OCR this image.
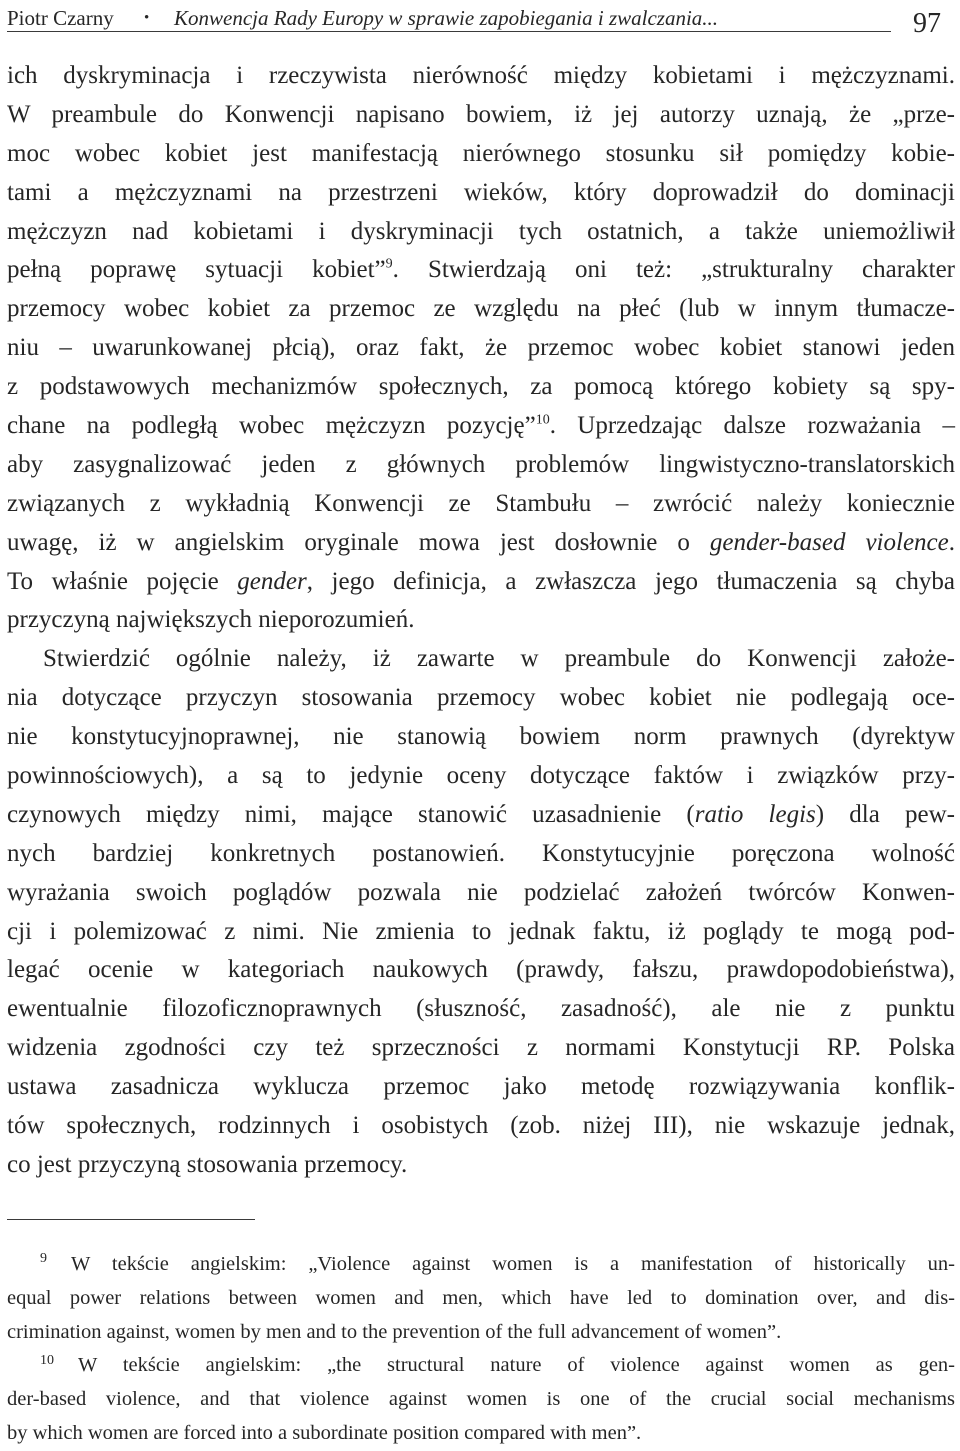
Piotr Czarny • Konwencja Rady Europy w sprawie zapobiegania i zwalczania...	97
ich dyskryminacja i rzeczywista nierówność między kobietami i mężczyznami.
W preambule do Konwencji napisano bowiem, iż jej autorzy uznają, że „prze-
moc wobec kobiet jest manifestacją nierównego stosunku sił pomiędzy kobie-
tami a mężczyznami na przestrzeni wieków, który doprowadził do dominacji
mężczyzn nad kobietami i dyskryminacji tych ostatnich, a także uniemożliwił
pełną poprawę sytuacji kobiet”$^9$. Stwierdzają oni też: „strukturalny charakter
przemocy wobec kobiet za przemoc ze względu na płeć (lub w innym tłumacze-
niu – uwarunkowanej płcią), oraz fakt, że przemoc wobec kobiet stanowi jeden
z podstawowych mechanizmów społecznych, za pomocą którego kobiety są spy-
chane na podległą wobec mężczyzn pozycję”$^{10}$. Uprzedzając dalsze rozważania –
aby zasygnalizować jeden z głównych problemów lingwistyczno-translatorskich
związanych z wykładnią Konwencji ze Stambułu – zwrócić należy koniecznie
uwagę, iż w angielskim oryginale mowa jest dosłownie o gender-based violence.
To właśnie pojęcie gender, jego definicja, a zwłaszcza jego tłumaczenia są chyba
przyczyną największych nieporozumień.
Stwierdzić ogólnie należy, iż zawarte w preambule do Konwencji założe-
nia dotyczące przyczyn stosowania przemocy wobec kobiet nie podlegają oce-
nie konstytucyjnoprawnej, nie stanowią bowiem norm prawnych (dyrektyw
powinnościowych), a są to jedynie oceny dotyczące faktów i związków przy-
czynowych między nimi, mające stanowić uzasadnienie (ratio legis) dla pew-
nych bardziej konkretnych postanowień. Konstytucyjnie poręczona wolność
wyrażania swoich poglądów pozwala nie podzielać założeń twórców Konwen-
cji i polemizować z nimi. Nie zmienia to jednak faktu, iż poglądy te mogą pod-
legać ocenie w kategoriach naukowych (prawdy, fałszu, prawdopodobieństwa),
ewentualnie filozoficznoprawnych (słuszność, zasadność), ale nie z punktu
widzenia zgodności czy też sprzeczności z normami Konstytucji RP. Polska
ustawa zasadnicza wyklucza przemoc jako metodę rozwiązywania konflik-
tów społecznych, rodzinnych i osobistych (zob. niżej III), nie wskazuje jednak,
co jest przyczyną stosowania przemocy.
9 W tekście angielskim: „Violence against women is a manifestation of historically un-
equal power relations between women and men, which have led to domination over, and dis-
crimination against, women by men and to the prevention of the full advancement of women”.
10 W tekście angielskim: „the structural nature of violence against women as gen-
der-based violence, and that violence against women is one of the crucial social mechanisms
by which women are forced into a subordinate position compared with men”.
